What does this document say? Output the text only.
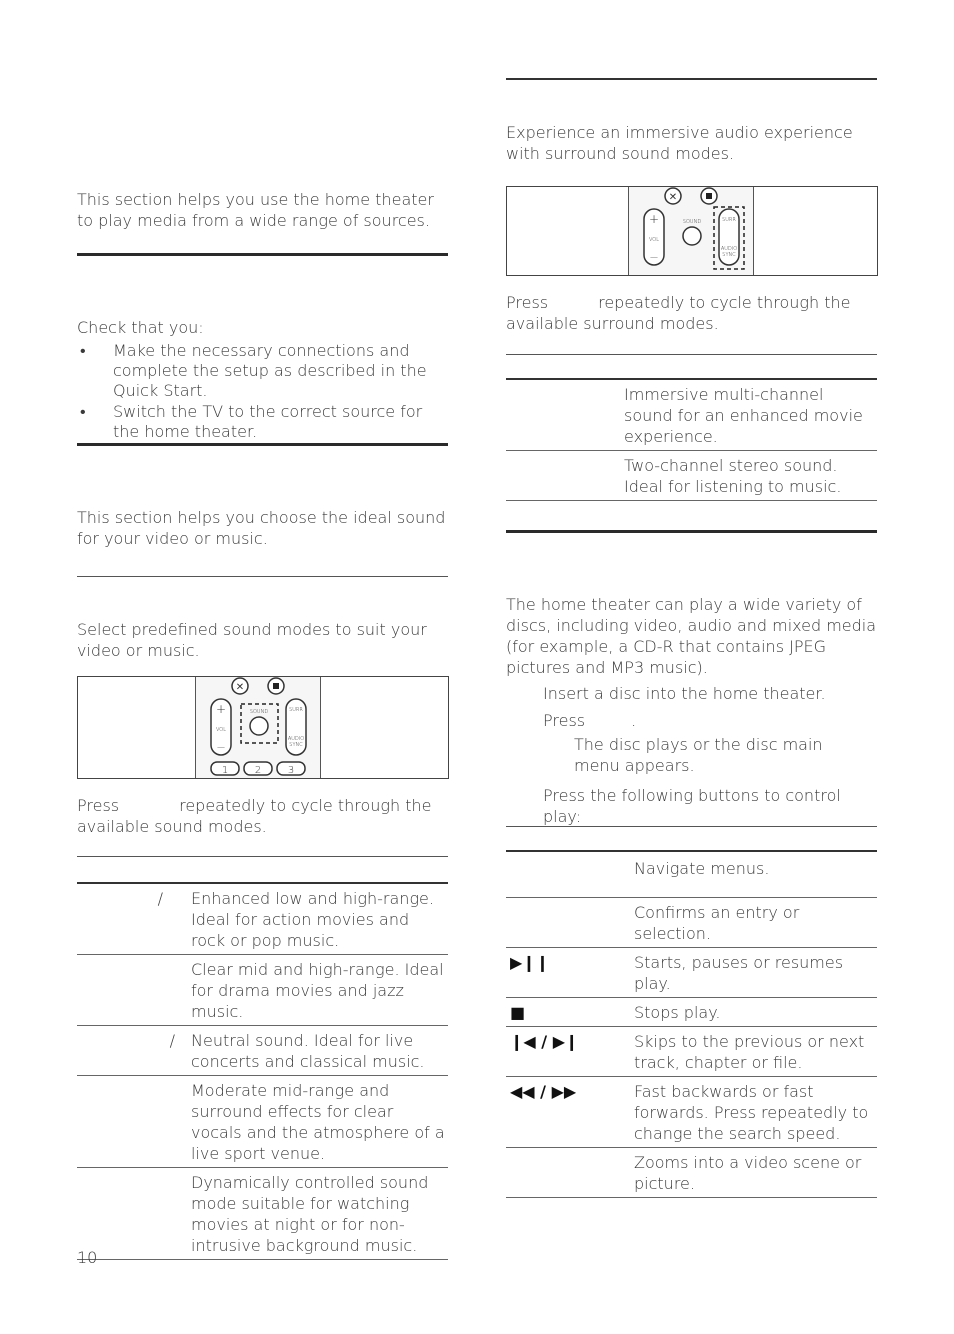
This section helps you use the home theater to play media from a wide range of sources.

Check that you:

• Make the necessary connections and complete the setup as described in the Quick Start.
• Switch the TV to the correct source for the home theater.

This section helps you choose the ideal sound for your video or music.

Select predefined sound modes to suit your video or music.

✕
+
VOL
—
SOUND	SURR
AUDIO
SYNC
1	2	3
Press	repeatedly to cycle through the available sound modes.
/	Enhanced low and high-range. Ideal for action movies and rock or pop music.
	Clear mid and high-range. Ideal for drama movies and jazz music.
/	Neutral sound. Ideal for live concerts and classical music.
	Moderate mid-range and surround effects for clear vocals and the atmosphere of a live sport venue.
	Dynamically controlled sound mode suitable for watching movies at night or for non-intrusive background music.
10

Experience an immersive audio experience with surround sound modes.

✕
+
VOL
—
SOUND	SURR
AUDIO
SYNC
Press	repeatedly to cycle through the available surround modes.
	Immersive multi-channel sound for an enhanced movie experience.
	Two-channel stereo sound. Ideal for listening to music.

The home theater can play a wide variety of discs, including video, audio and mixed media (for example, a CD-R that contains JPEG pictures and MP3 music).

Insert a disc into the home theater.

Press	.

The disc plays or the disc main menu appears.

Press the following buttons to control play:

	Navigate menus.
	Confirms an entry or selection.
▶❙❙	Starts, pauses or resumes play.
■	Stops play.
❙◀ / ▶❙	Skips to the previous or next track, chapter or file.
◀◀ / ▶▶	Fast backwards or fast forwards. Press repeatedly to change the search speed.
	Zooms into a video scene or picture.
